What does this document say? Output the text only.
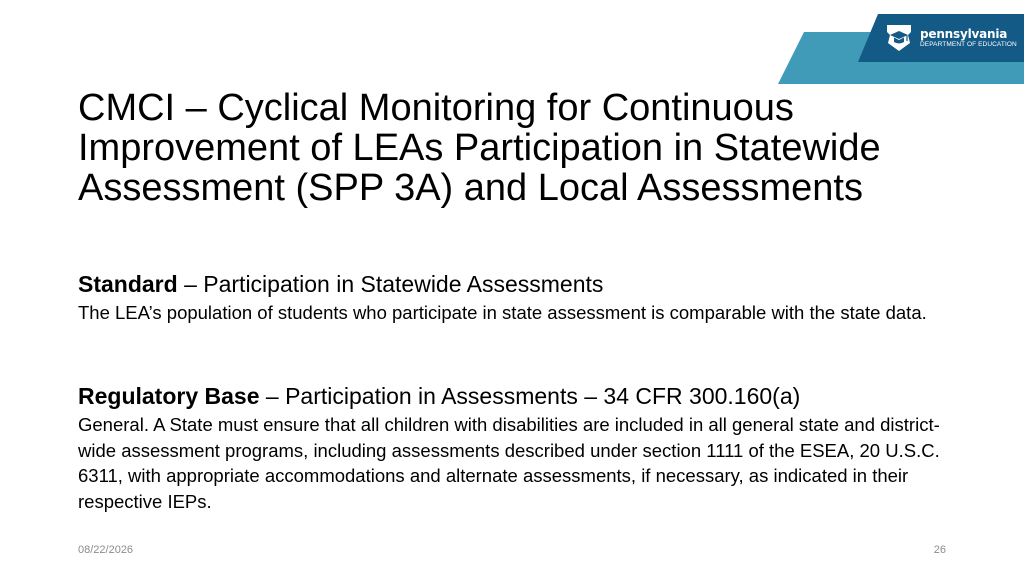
pennsylvania
DEPARTMENT OF EDUCATION
CMCI – Cyclical Monitoring for Continuous Improvement of LEAs Participation in Statewide Assessment (SPP 3A) and Local Assessments

Standard – Participation in Statewide Assessments

The LEA’s population of students who participate in state assessment is comparable with the state data.

Regulatory Base – Participation in Assessments – 34 CFR 300.160(a)

General. A State must ensure that all children with disabilities are included in all general state and district-wide assessment programs, including assessments described under section 1111 of the ESEA, 20 U.S.C. 6311, with appropriate accommodations and alternate assessments, if necessary, as indicated in their respective IEPs.

08/22/2026	26
